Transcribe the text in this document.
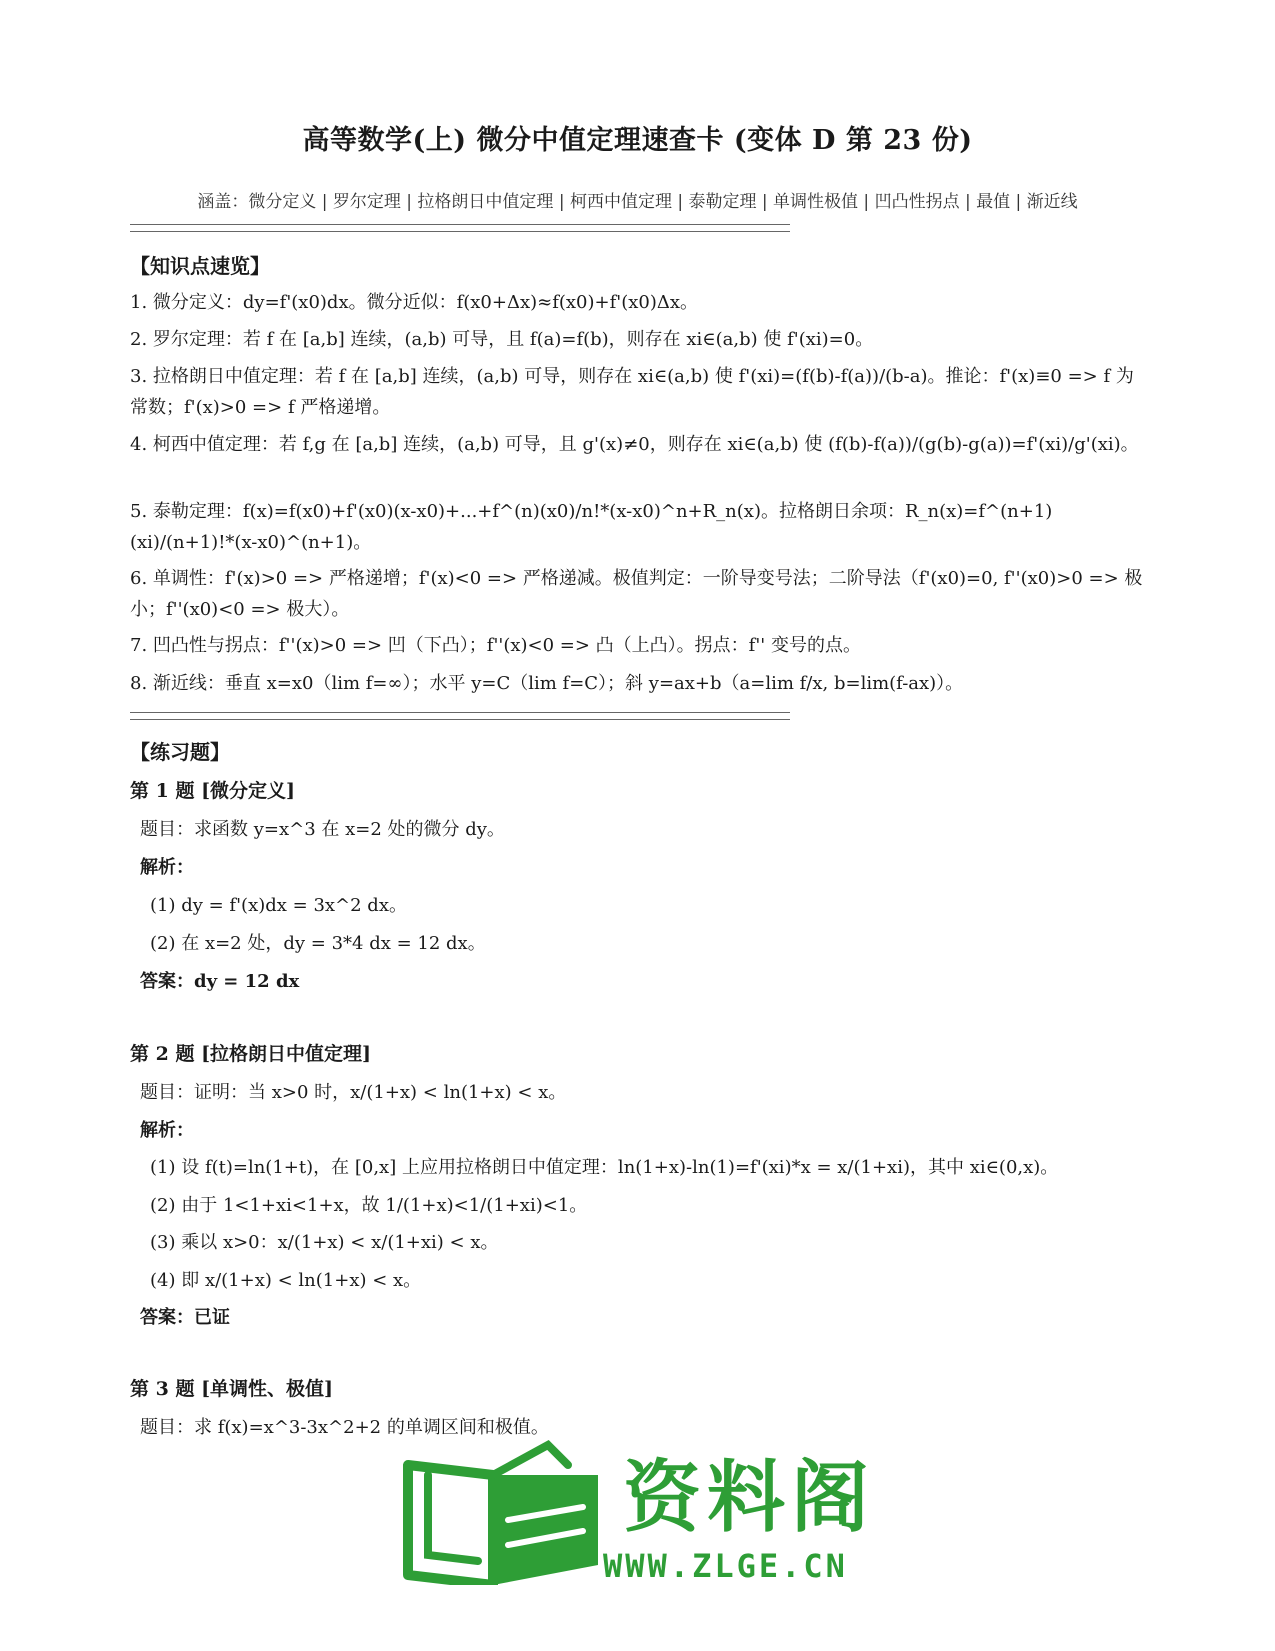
高等数学(上) 微分中值定理速查卡 (变体 D 第 23 份)
涵盖：微分定义 | 罗尔定理 | 拉格朗日中值定理 | 柯西中值定理 | 泰勒定理 | 单调性极值 | 凹凸性拐点 | 最值 | 渐近线
【知识点速览】
1. 微分定义：dy=f'(x0)dx。微分近似：f(x0+Δx)≈f(x0)+f'(x0)Δx。
2. 罗尔定理：若 f 在 [a,b] 连续，(a,b) 可导，且 f(a)=f(b)，则存在 xi∈(a,b) 使 f'(xi)=0。
3. 拉格朗日中值定理：若 f 在 [a,b] 连续，(a,b) 可导，则存在 xi∈(a,b) 使 f'(xi)=(f(b)-f(a))/(b-a)。推论：f'(x)≡0 => f 为常数；f'(x)>0 => f 严格递增。
4. 柯西中值定理：若 f,g 在 [a,b] 连续，(a,b) 可导，且 g'(x)≠0，则存在 xi∈(a,b) 使 (f(b)-f(a))/(g(b)-g(a))=f'(xi)/g'(xi)。
5. 泰勒定理：f(x)=f(x0)+f'(x0)(x-x0)+...+f^(n)(x0)/n!*(x-x0)^n+R_n(x)。拉格朗日余项：R_n(x)=f^(n+1)(xi)/(n+1)!*(x-x0)^(n+1)。
6. 单调性：f'(x)>0 => 严格递增；f'(x)<0 => 严格递减。极值判定：一阶导变号法；二阶导法（f'(x0)=0, f''(x0)>0 => 极小；f''(x0)<0 => 极大）。
7. 凹凸性与拐点：f''(x)>0 => 凹（下凸）；f''(x)<0 => 凸（上凸）。拐点：f'' 变号的点。
8. 渐近线：垂直 x=x0（lim f=∞）；水平 y=C（lim f=C）；斜 y=ax+b（a=lim f/x, b=lim(f-ax)）。
【练习题】
第 1 题 [微分定义]
题目：求函数 y=x^3 在 x=2 处的微分 dy。
解析：
(1) dy = f'(x)dx = 3x^2 dx。
(2) 在 x=2 处，dy = 3*4 dx = 12 dx。
答案：dy = 12 dx
第 2 题 [拉格朗日中值定理]
题目：证明：当 x>0 时，x/(1+x) < ln(1+x) < x。
解析：
(1) 设 f(t)=ln(1+t)，在 [0,x] 上应用拉格朗日中值定理：ln(1+x)-ln(1)=f'(xi)*x = x/(1+xi)，其中 xi∈(0,x)。
(2) 由于 1<1+xi<1+x，故 1/(1+x)<1/(1+xi)<1。
(3) 乘以 x>0：x/(1+x) < x/(1+xi) < x。
(4) 即 x/(1+x) < ln(1+x) < x。
答案：已证
第 3 题 [单调性、极值]
题目：求 f(x)=x^3-3x^2+2 的单调区间和极值。
资料阁
WWW.ZLGE.CN
